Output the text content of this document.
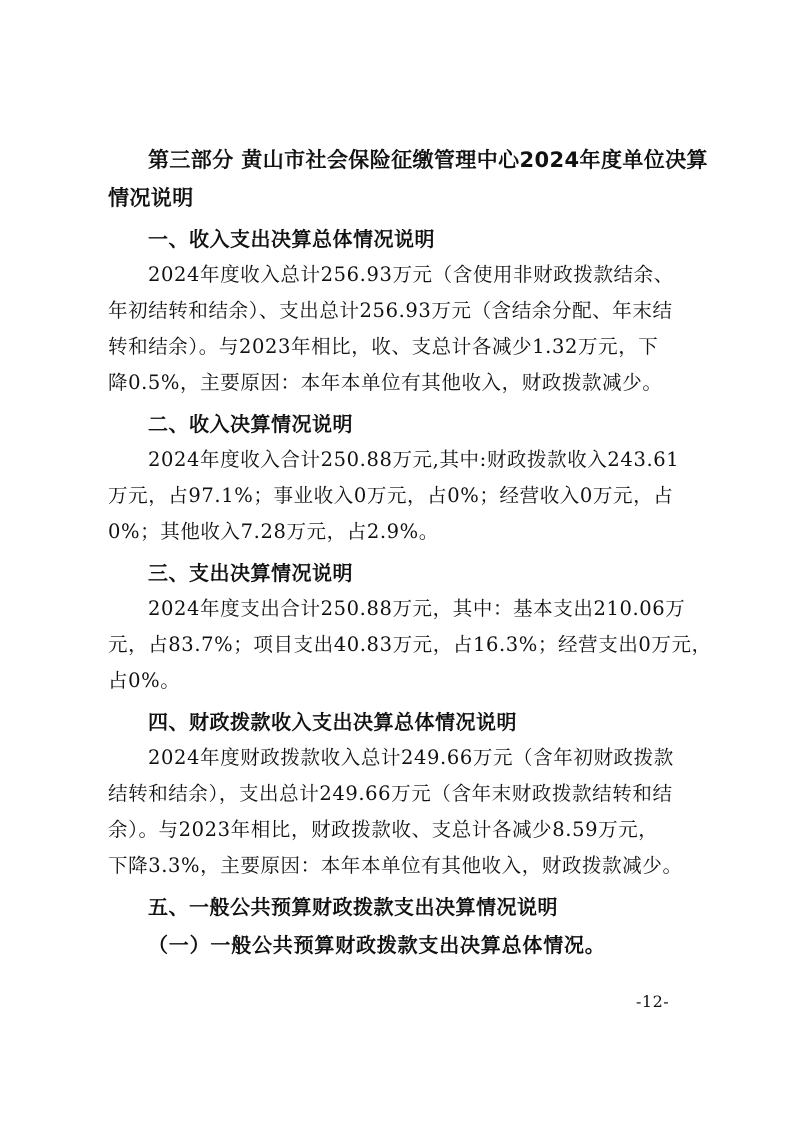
第三部分 黄山市社会保险征缴管理中心2024年度单位决算
情况说明
一、收入支出决算总体情况说明
2024年度收入总计256.93万元（含使用非财政拨款结余、
年初结转和结余）、支出总计256.93万元（含结余分配、年末结
转和结余）。与2023年相比，收、支总计各减少1.32万元，下
降0.5%，主要原因：本年本单位有其他收入，财政拨款减少。
二、收入决算情况说明
2024年度收入合计250.88万元,其中:财政拨款收入243.61
万元，占97.1%；事业收入0万元，占0%；经营收入0万元，占
0%；其他收入7.28万元，占2.9%。
三、支出决算情况说明
2024年度支出合计250.88万元，其中：基本支出210.06万
元，占83.7%；项目支出40.83万元，占16.3%；经营支出0万元，
占0%。
四、财政拨款收入支出决算总体情况说明
2024年度财政拨款收入总计249.66万元（含年初财政拨款
结转和结余），支出总计249.66万元（含年末财政拨款结转和结
余）。与2023年相比，财政拨款收、支总计各减少8.59万元，
下降3.3%，主要原因：本年本单位有其他收入，财政拨款减少。
五、一般公共预算财政拨款支出决算情况说明
（一）一般公共预算财政拨款支出决算总体情况。
-12-
